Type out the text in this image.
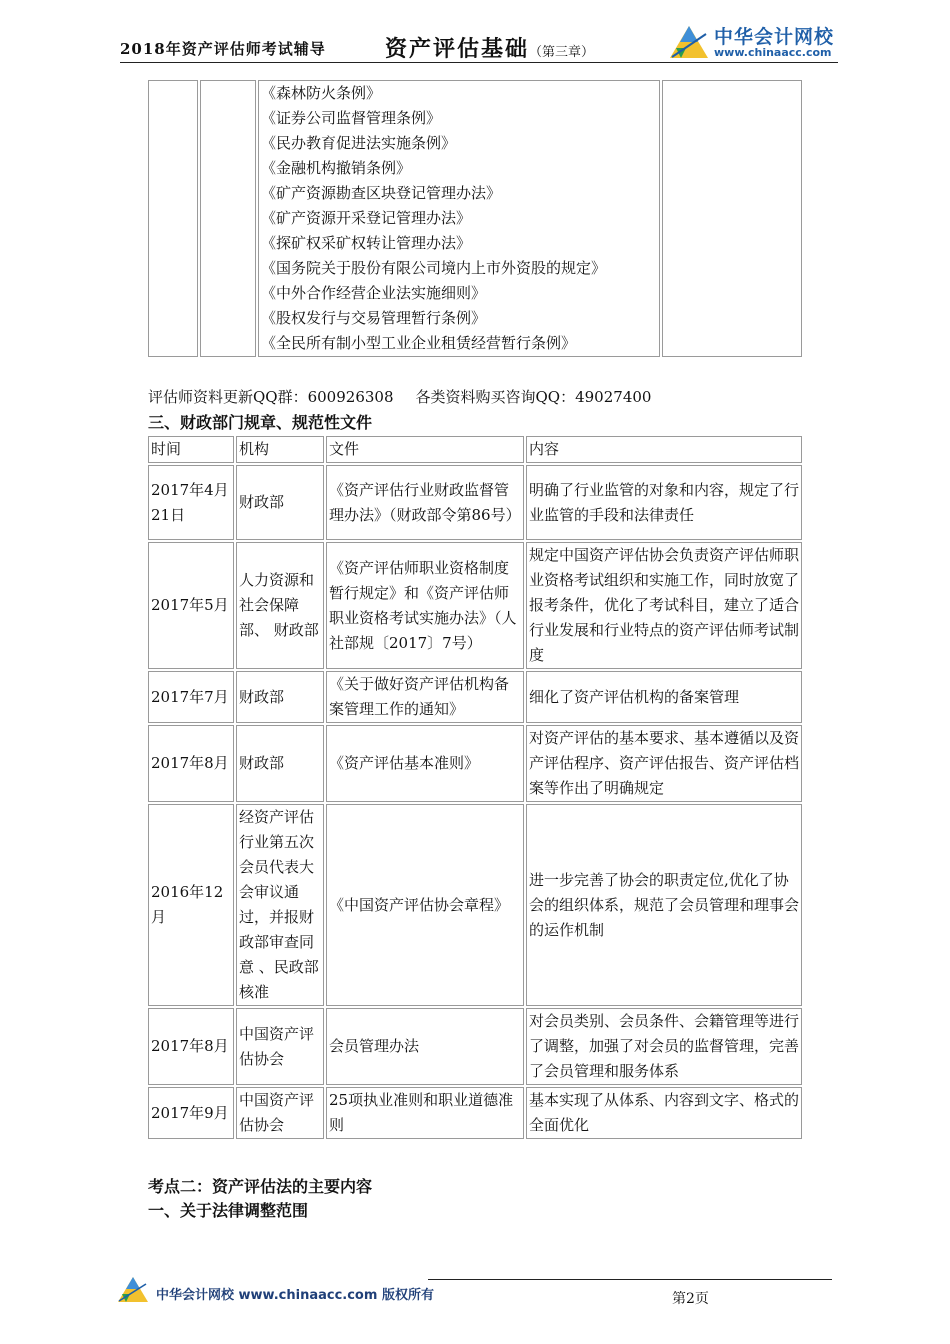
2018年资产评估师考试辅导	资产评估基础（第三章）
中华会计网校
www.chinaacc.com

《森林防火条例》
《证券公司监督管理条例》
《民办教育促进法实施条例》
《金融机构撤销条例》
《矿产资源勘查区块登记管理办法》
《矿产资源开采登记管理办法》
《探矿权采矿权转让管理办法》
《国务院关于股份有限公司境内上市外资股的规定》
《中外合作经营企业法实施细则》
《股权发行与交易管理暂行条例》
《全民所有制小型工业企业租赁经营暂行条例》

评估师资料更新QQ群：600926308 各类资料购买咨询QQ：49027400
三、财政部门规章、规范性文件
时间	机构	文件	内容
2017年4月21日	财政部	《资产评估行业财政监督管理办法》（财政部令第86号）	明确了行业监管的对象和内容，规定了行业监管的手段和法律责任
2017年5月	人力资源和社会保障部、 财政部	《资产评估师职业资格制度暂行规定》和《资产评估师职业资格考试实施办法》（人社部规〔2017〕7号）	规定中国资产评估协会负责资产评估师职业资格考试组织和实施工作，同时放宽了报考条件，优化了考试科目，建立了适合行业发展和行业特点的资产评估师考试制度
2017年7月	财政部	《关于做好资产评估机构备案管理工作的通知》	细化了资产评估机构的备案管理
2017年8月	财政部	《资产评估基本准则》	对资产评估的基本要求、基本遵循以及资产评估程序、资产评估报告、资产评估档案等作出了明确规定
2016年12月	经资产评估行业第五次会员代表大会审议通过，并报财政部审查同意 、民政部核准	《中国资产评估协会章程》	进一步完善了协会的职责定位,优化了协会的组织体系，规范了会员管理和理事会的运作机制
2017年8月	中国资产评估协会	会员管理办法	对会员类别、会员条件、会籍管理等进行了调整，加强了对会员的监督管理，完善了会员管理和服务体系
2017年9月	中国资产评估协会	25项执业准则和职业道德准则	基本实现了从体系、内容到文字、格式的全面优化
考点二：资产评估法的主要内容
一、关于法律调整范围
中华会计网校 www.chinaacc.com 版权所有	第2页
